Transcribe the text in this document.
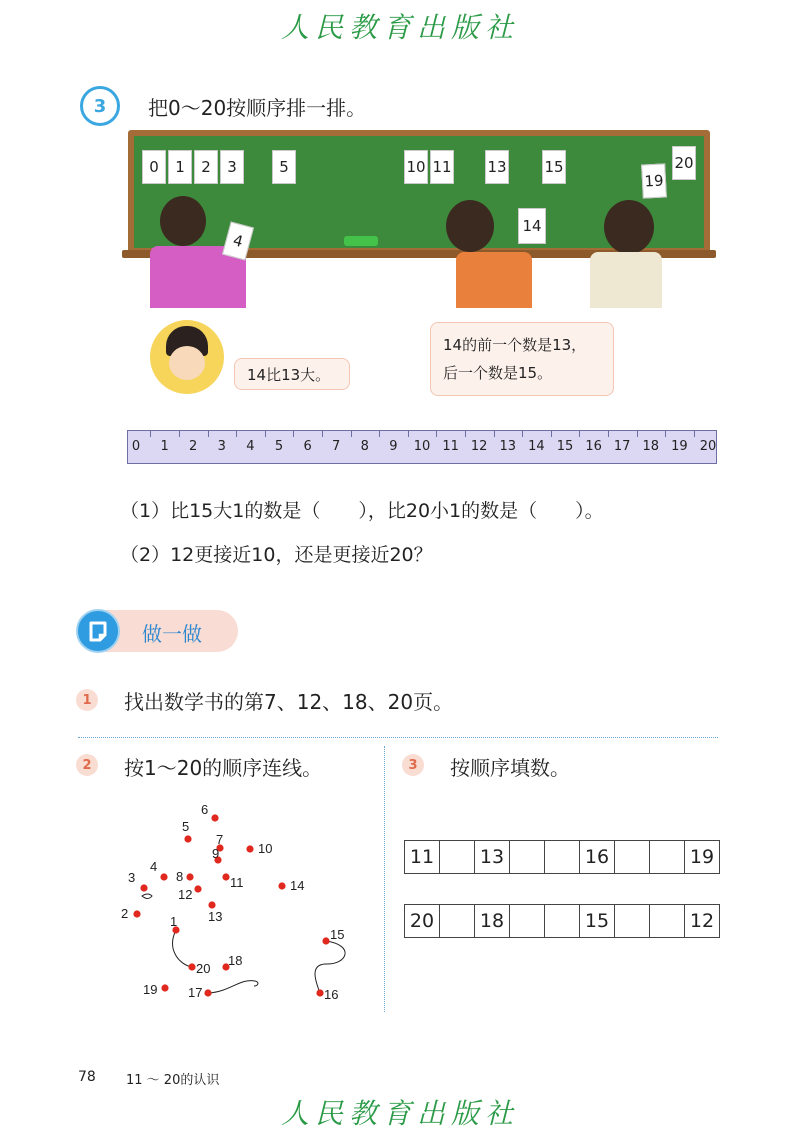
人民教育出版社
3	把0～20按顺序排一排。
0	1	2	3	5	10 11 13	15	20
19
4
14
14比13大。
14的前一个数是13，
后一个数是15。
0	1	2	3	4	5	6	7	8	9	10 11 12 13 14 15 16 17 18 19 20
（1）比15大1的数是（　　），比20小1的数是（　　）。
（2）12更接近10，还是更接近20？
做一做
1	找出数学书的第7、12、18、20页。
2	按1～20的顺序连线。
1
2
3
4
5
6
7
8
9	10
11
12
13
14
15
16
17
18
19
20
3	按顺序填数。
11		13			16			19
20		18			15			12
78 11 ～ 20的认识
人民教育出版社
